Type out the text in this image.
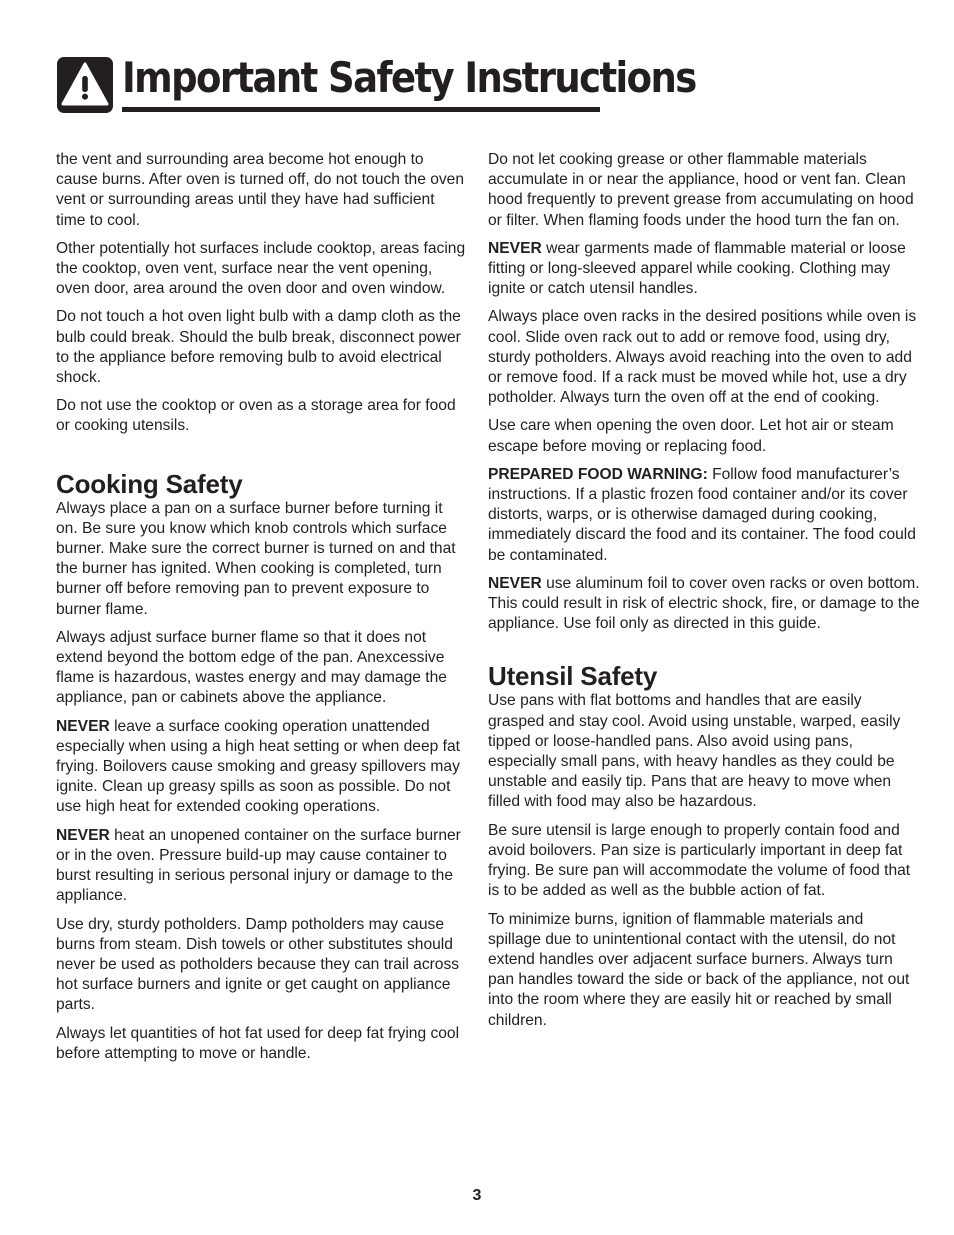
Important Safety Instructions

the vent and surrounding area become hot enough to cause burns. After oven is turned off, do not touch the oven vent or surrounding areas until they have had sufficient time to cool.

Other potentially hot surfaces include cooktop, areas facing the cooktop, oven vent, surface near the vent opening, oven door, area around the oven door and oven window.

Do not touch a hot oven light bulb with a damp cloth as the bulb could break. Should the bulb break, disconnect power to the appliance before removing bulb to avoid electrical shock.

Do not use the cooktop or oven as a storage area for food or cooking utensils.

Cooking Safety

Always place a pan on a surface burner before turning it on. Be sure you know which knob controls which surface burner. Make sure the correct burner is turned on and that the burner has ignited. When cooking is completed, turn burner off before removing pan to prevent exposure to burner flame.

Always adjust surface burner flame so that it does not extend beyond the bottom edge of the pan. Anexcessive flame is hazardous, wastes energy and may damage the appliance, pan or cabinets above the appliance.

NEVER leave a surface cooking operation unattended especially when using a high heat setting or when deep fat frying. Boilovers cause smoking and greasy spillovers may ignite. Clean up greasy spills as soon as possible. Do not use high heat for extended cooking operations.

NEVER heat an unopened container on the surface burner or in the oven. Pressure build-up may cause container to burst resulting in serious personal injury or damage to the appliance.

Use dry, sturdy potholders. Damp potholders may cause burns from steam. Dish towels or other substitutes should never be used as potholders because they can trail across hot surface burners and ignite or get caught on appliance parts.

Always let quantities of hot fat used for deep fat frying cool before attempting to move or handle.

Do not let cooking grease or other flammable materials accumulate in or near the appliance, hood or vent fan. Clean hood frequently to prevent grease from accumulating on hood or filter. When flaming foods under the hood turn the fan on.

NEVER wear garments made of flammable material or loose fitting or long-sleeved apparel while cooking. Clothing may ignite or catch utensil handles.

Always place oven racks in the desired positions while oven is cool. Slide oven rack out to add or remove food, using dry, sturdy potholders. Always avoid reaching into the oven to add or remove food. If a rack must be moved while hot, use a dry potholder. Always turn the oven off at the end of cooking.

Use care when opening the oven door. Let hot air or steam escape before moving or replacing food.

PREPARED FOOD WARNING: Follow food manufacturer’s instructions. If a plastic frozen food container and/or its cover distorts, warps, or is otherwise damaged during cooking, immediately discard the food and its container. The food could be contaminated.

NEVER use aluminum foil to cover oven racks or oven bottom. This could result in risk of electric shock, fire, or damage to the appliance. Use foil only as directed in this guide.

Utensil Safety

Use pans with flat bottoms and handles that are easily grasped and stay cool. Avoid using unstable, warped, easily tipped or loose-handled pans. Also avoid using pans, especially small pans, with heavy handles as they could be unstable and easily tip. Pans that are heavy to move when filled with food may also be hazardous.

Be sure utensil is large enough to properly contain food and avoid boilovers. Pan size is particularly important in deep fat frying. Be sure pan will accommodate the volume of food that is to be added as well as the bubble action of fat.

To minimize burns, ignition of flammable materials and spillage due to unintentional contact with the utensil, do not extend handles over adjacent surface burners. Always turn pan handles toward the side or back of the appliance, not out into the room where they are easily hit or reached by small children.

3
